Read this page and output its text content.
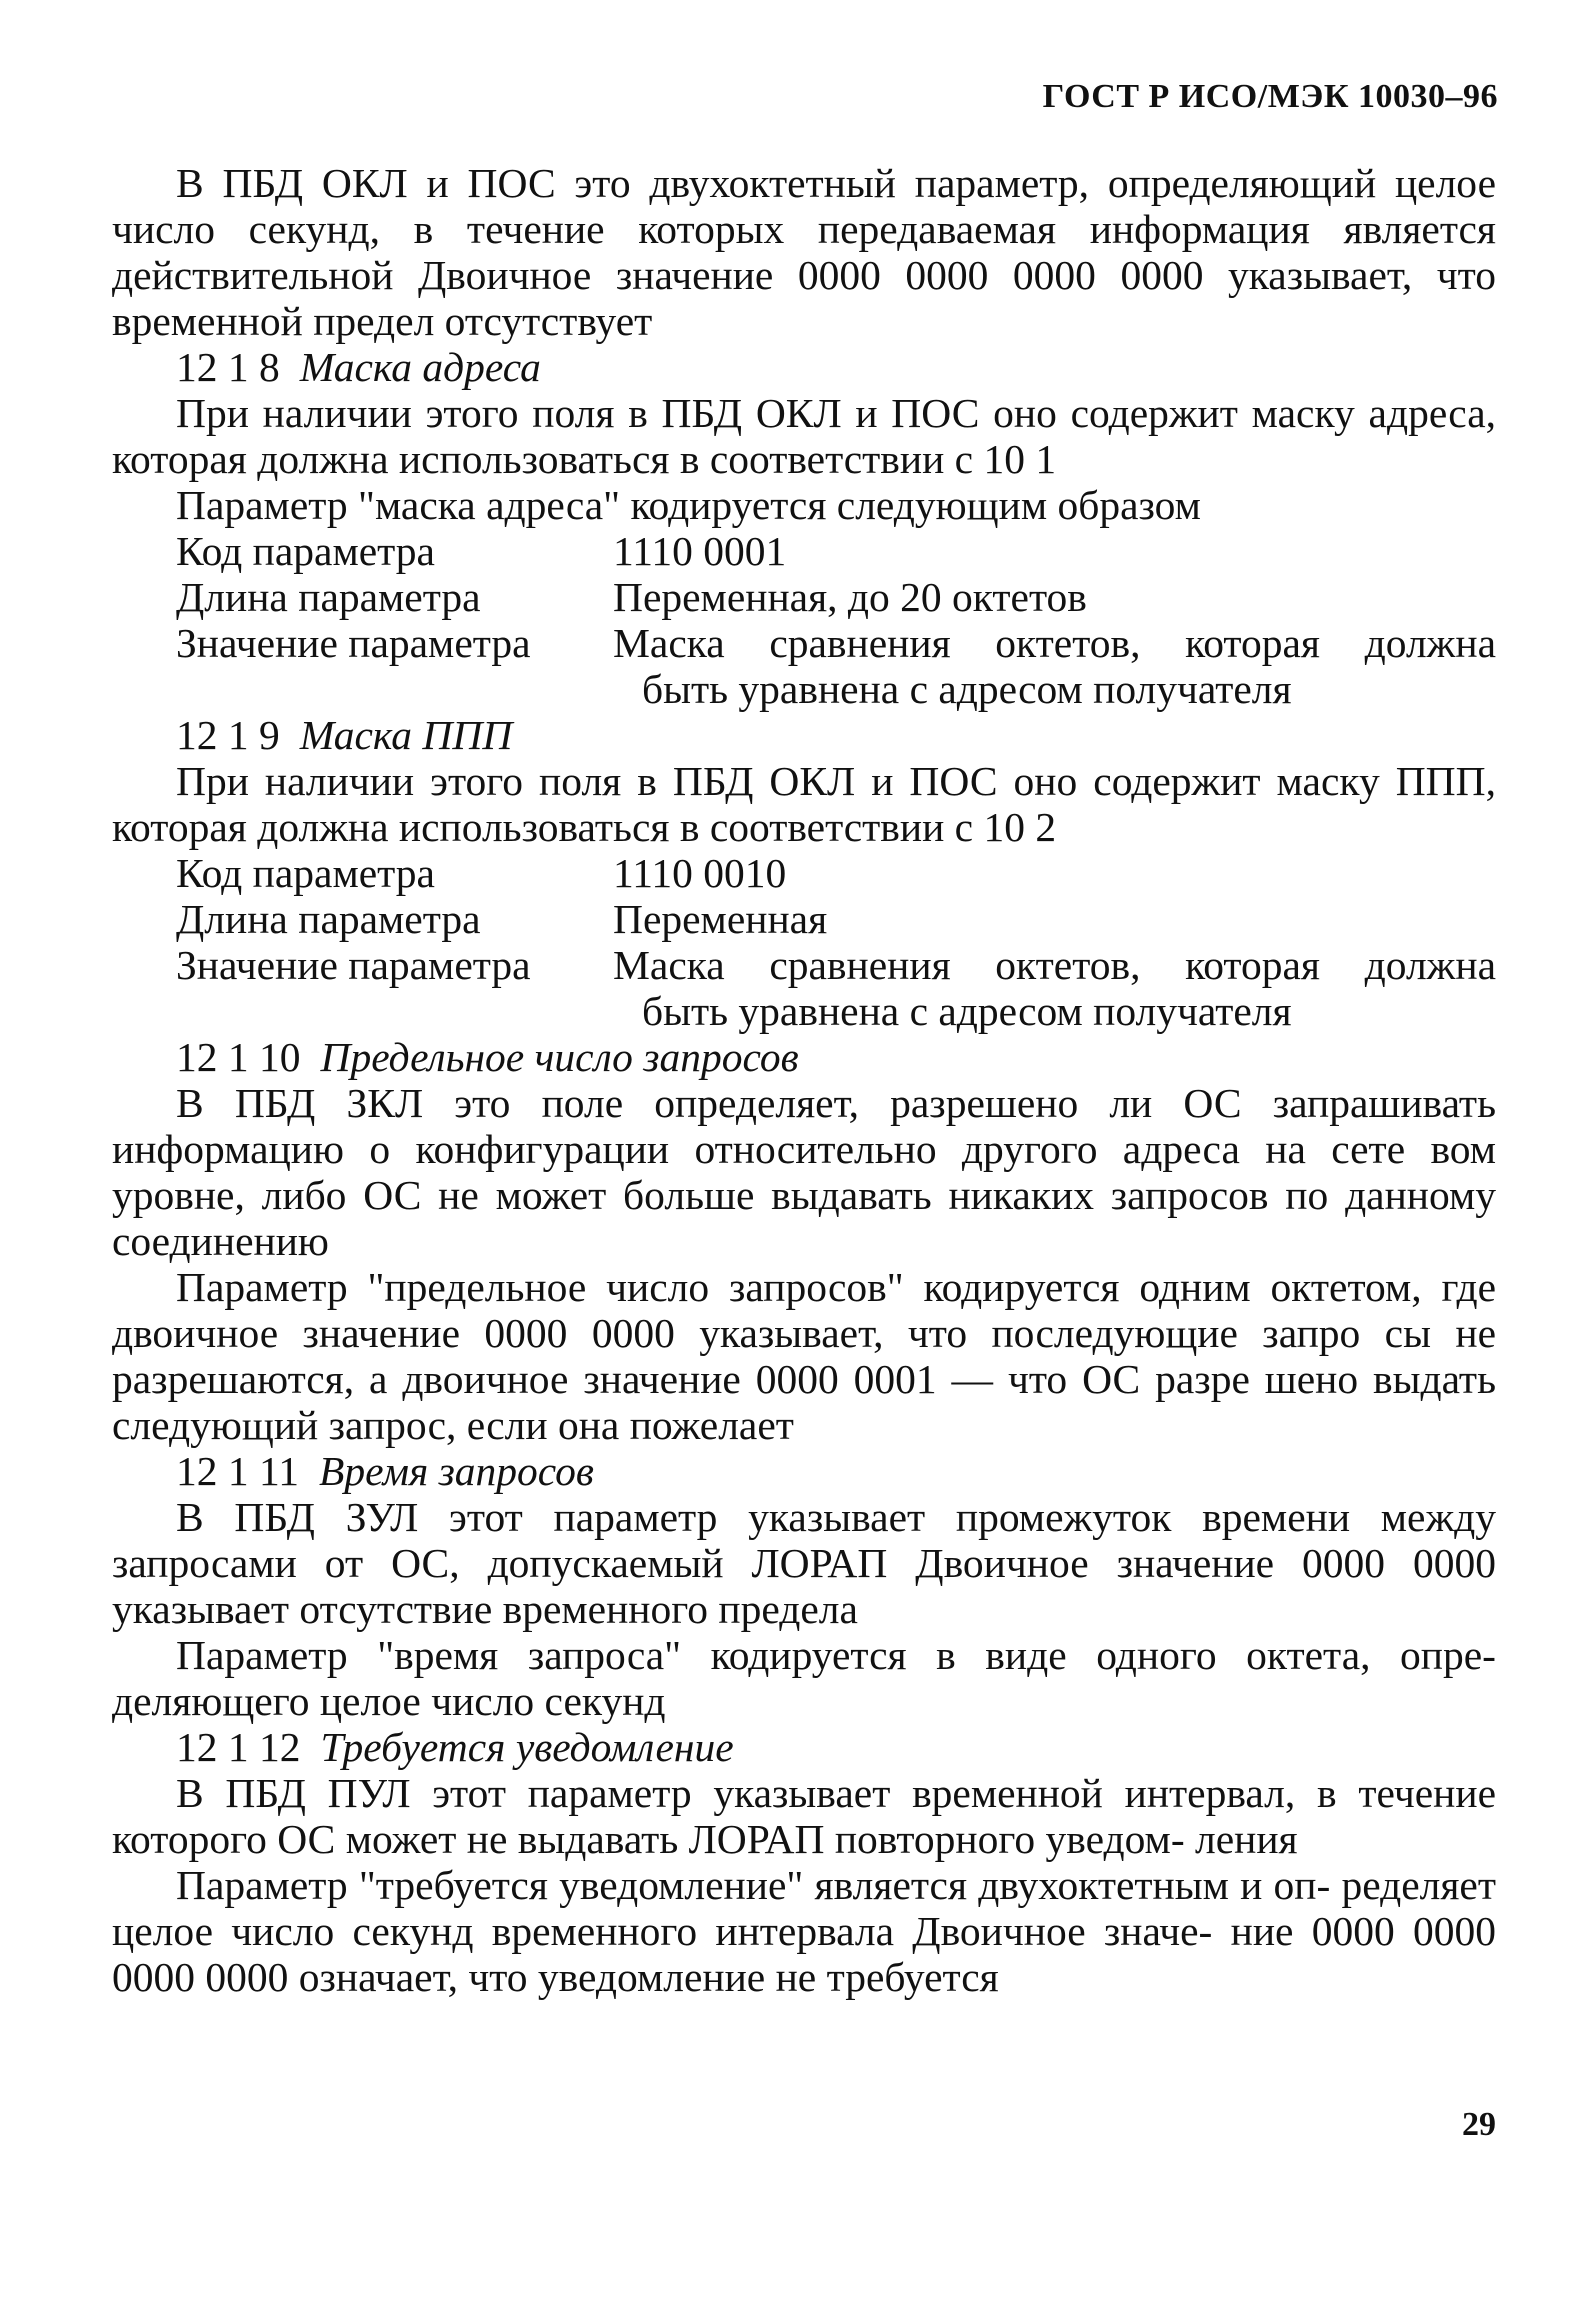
ГОСТ Р ИСО/МЭК 10030–96

В ПБД ОКЛ и ПОС это двухоктетный параметр, определяющий целое число секунд, в течение которых передаваемая информация является действительной Двоичное значение 0000 0000 0000 0000 указывает, что временной предел отсутствует

12 1 8 Маска адреса

При наличии этого поля в ПБД ОКЛ и ПОС оно содержит маску адреса, которая должна использоваться в соответствии с 10 1

Параметр "маска адреса" кодируется следующим образом

Код параметра	1110 0001
Длина параметра	Переменная, до 20 октетов
Значение параметра	Маска сравнения октетов, которая должна
быть уравнена с адресом получателя

12 1 9 Маска ППП

При наличии этого поля в ПБД ОКЛ и ПОС оно содержит маску ППП, которая должна использоваться в соответствии с 10 2

Код параметра	1110 0010
Длина параметра	Переменная
Значение параметра	Маска сравнения октетов, которая должна
быть уравнена с адресом получателя

12 1 10 Предельное число запросов

В ПБД ЗКЛ это поле определяет, разрешено ли ОС запрашивать информацию о конфигурации относительно другого адреса на сете вом уровне, либо ОС не может больше выдавать никаких запросов по данному соединению

Параметр "предельное число запросов" кодируется одним октетом, где двоичное значение 0000 0000 указывает, что последующие запро сы не разрешаются, а двоичное значение 0000 0001 — что ОС разре шено выдать следующий запрос, если она пожелает

12 1 11 Время запросов

В ПБД ЗУЛ этот параметр указывает промежуток времени между запросами от ОС, допускаемый ЛОРАП Двоичное значение 0000 0000 указывает отсутствие временного предела

Параметр "время запроса" кодируется в виде одного октета, опре- деляющего целое число секунд

12 1 12 Требуется уведомление

В ПБД ПУЛ этот параметр указывает временной интервал, в течение которого ОС может не выдавать ЛОРАП повторного уведом- ления

Параметр "требуется уведомление" является двухоктетным и оп- ределяет целое число секунд временного интервала Двоичное значе- ние 0000 0000 0000 0000 означает, что уведомление не требуется

29
